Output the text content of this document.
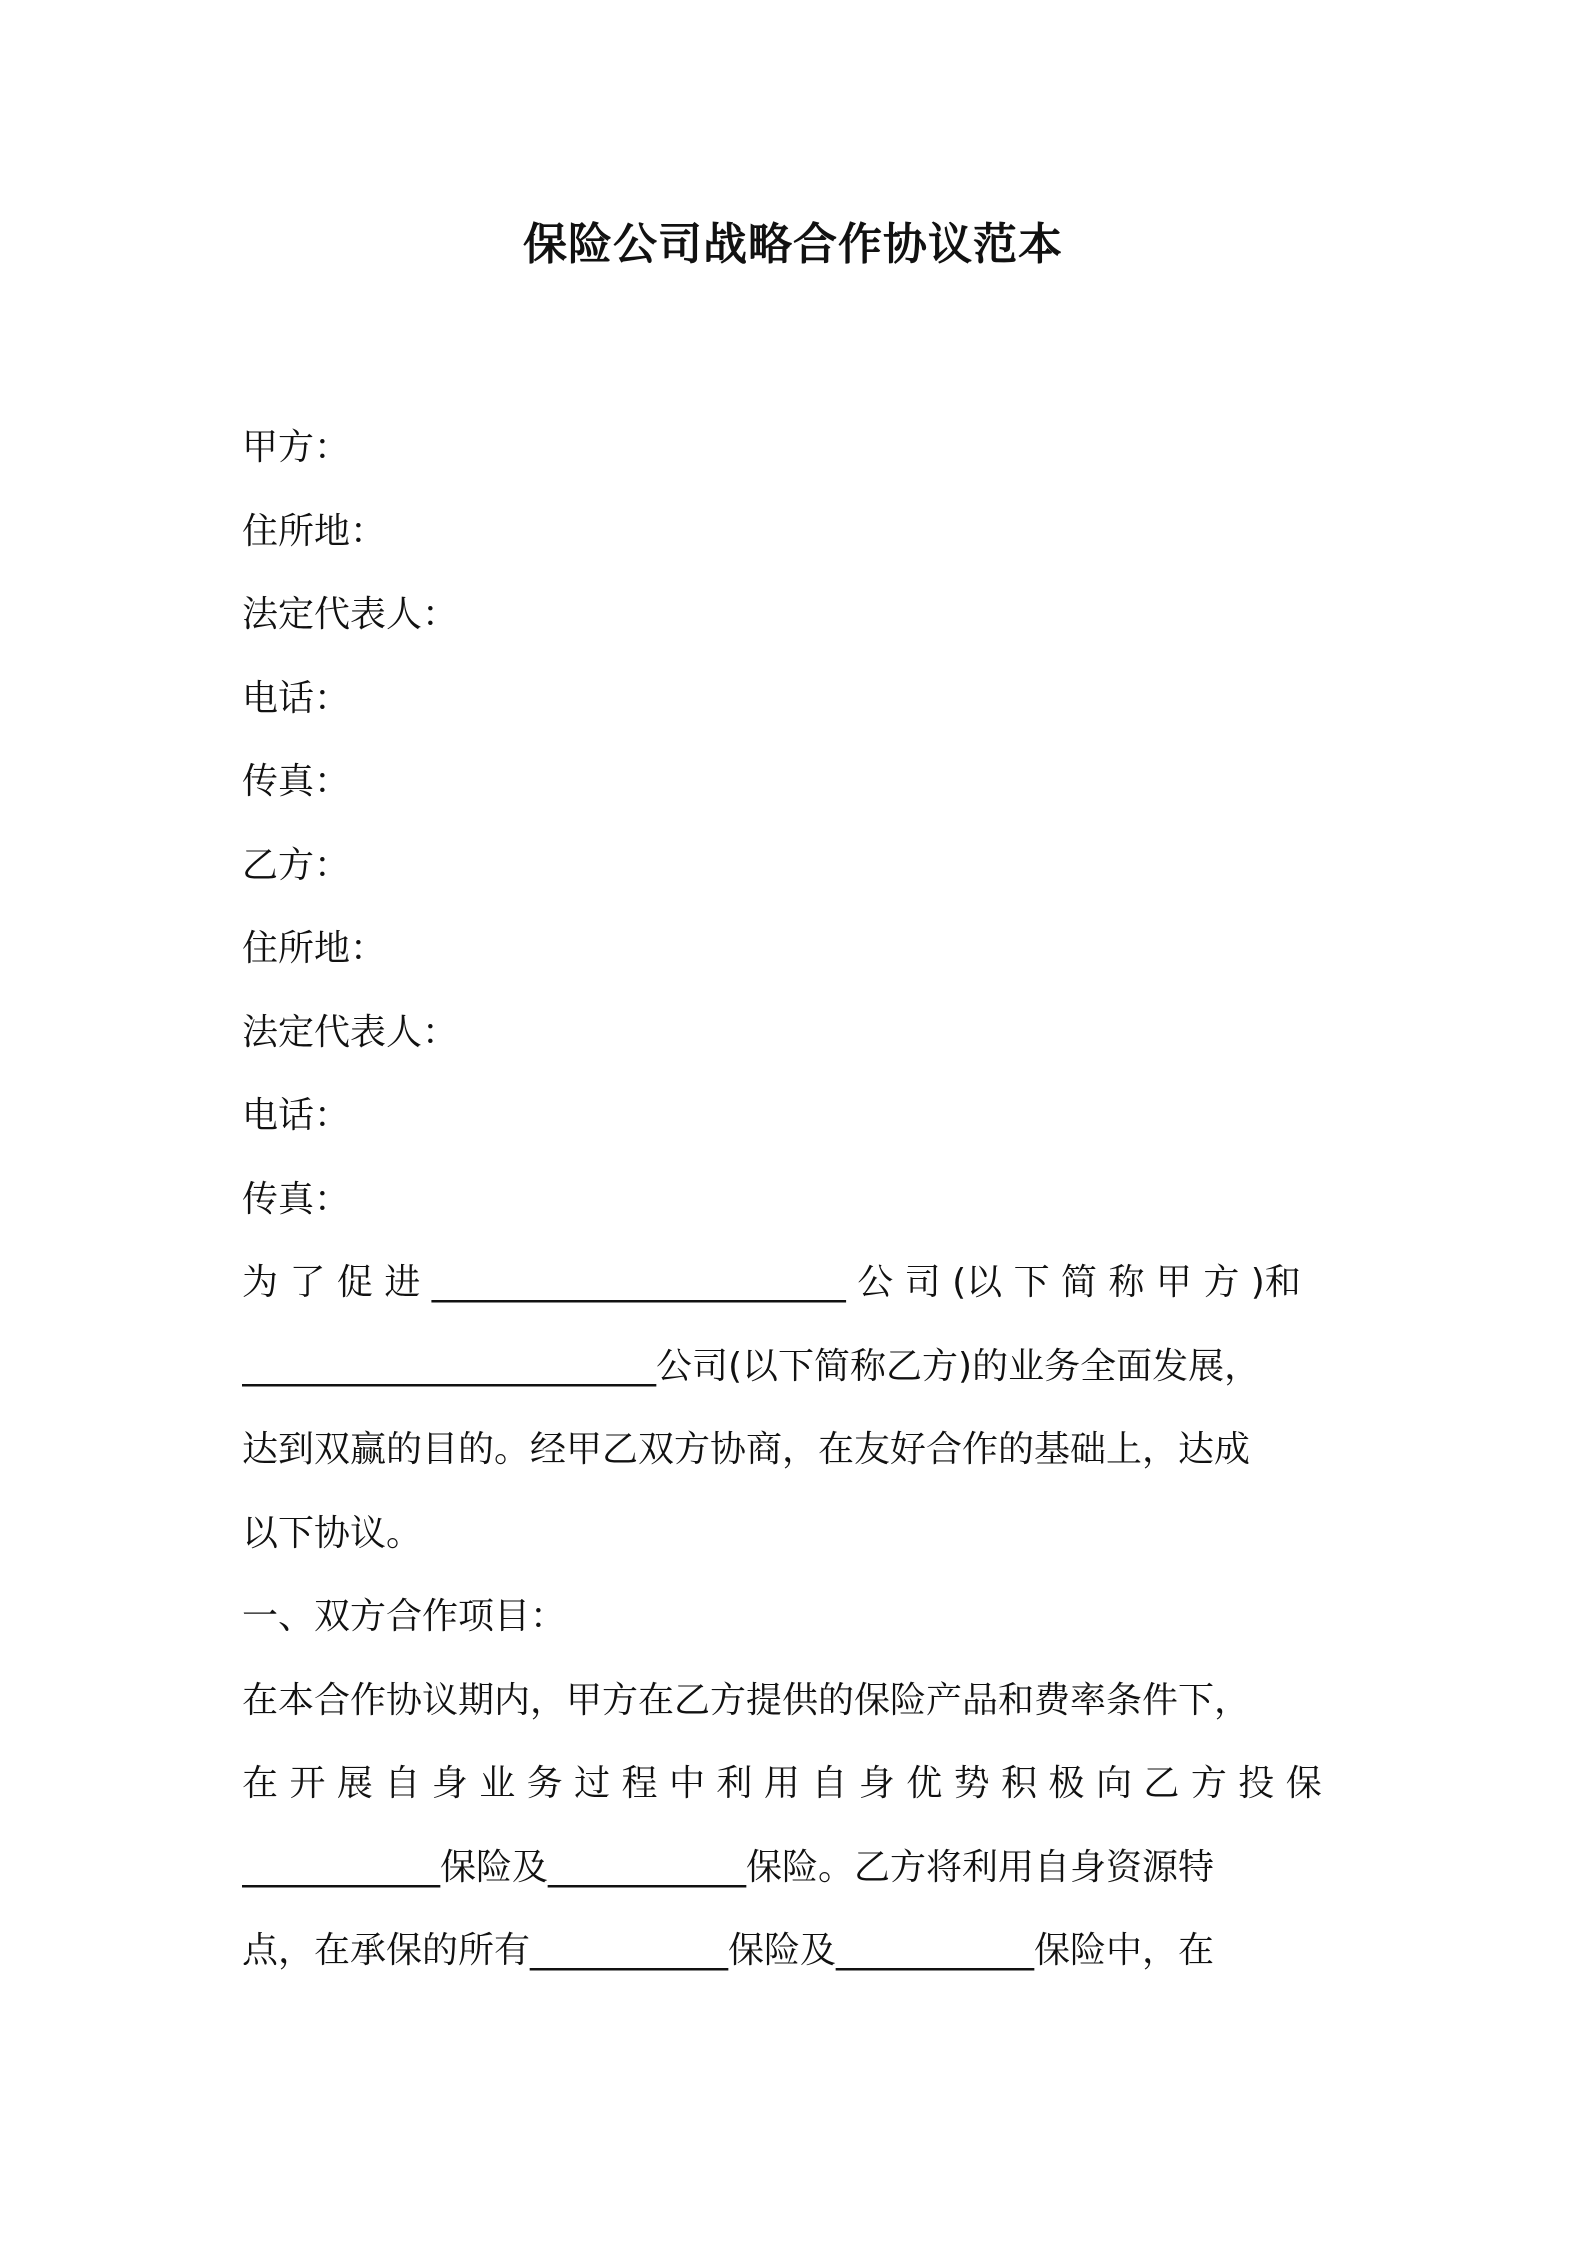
保险公司战略合作协议范本
甲方：
住所地：
法定代表人：
电话：
传真：
乙方：
住所地：
法定代表人：
电话：
传真：
为 了 促 进 _______________________ 公 司 (以 下 简 称 甲 方 )和
_______________________公司(以下简称乙方)的业务全面发展，
达到双赢的目的。经甲乙双方协商，在友好合作的基础上，达成
以下协议。
一、双方合作项目：
在本合作协议期内，甲方在乙方提供的保险产品和费率条件下，
在 开 展 自 身 业 务 过 程 中 利 用 自 身 优 势 积 极 向 乙 方 投 保
___________保险及___________保险。乙方将利用自身资源特
点，在承保的所有___________保险及___________保险中，在
